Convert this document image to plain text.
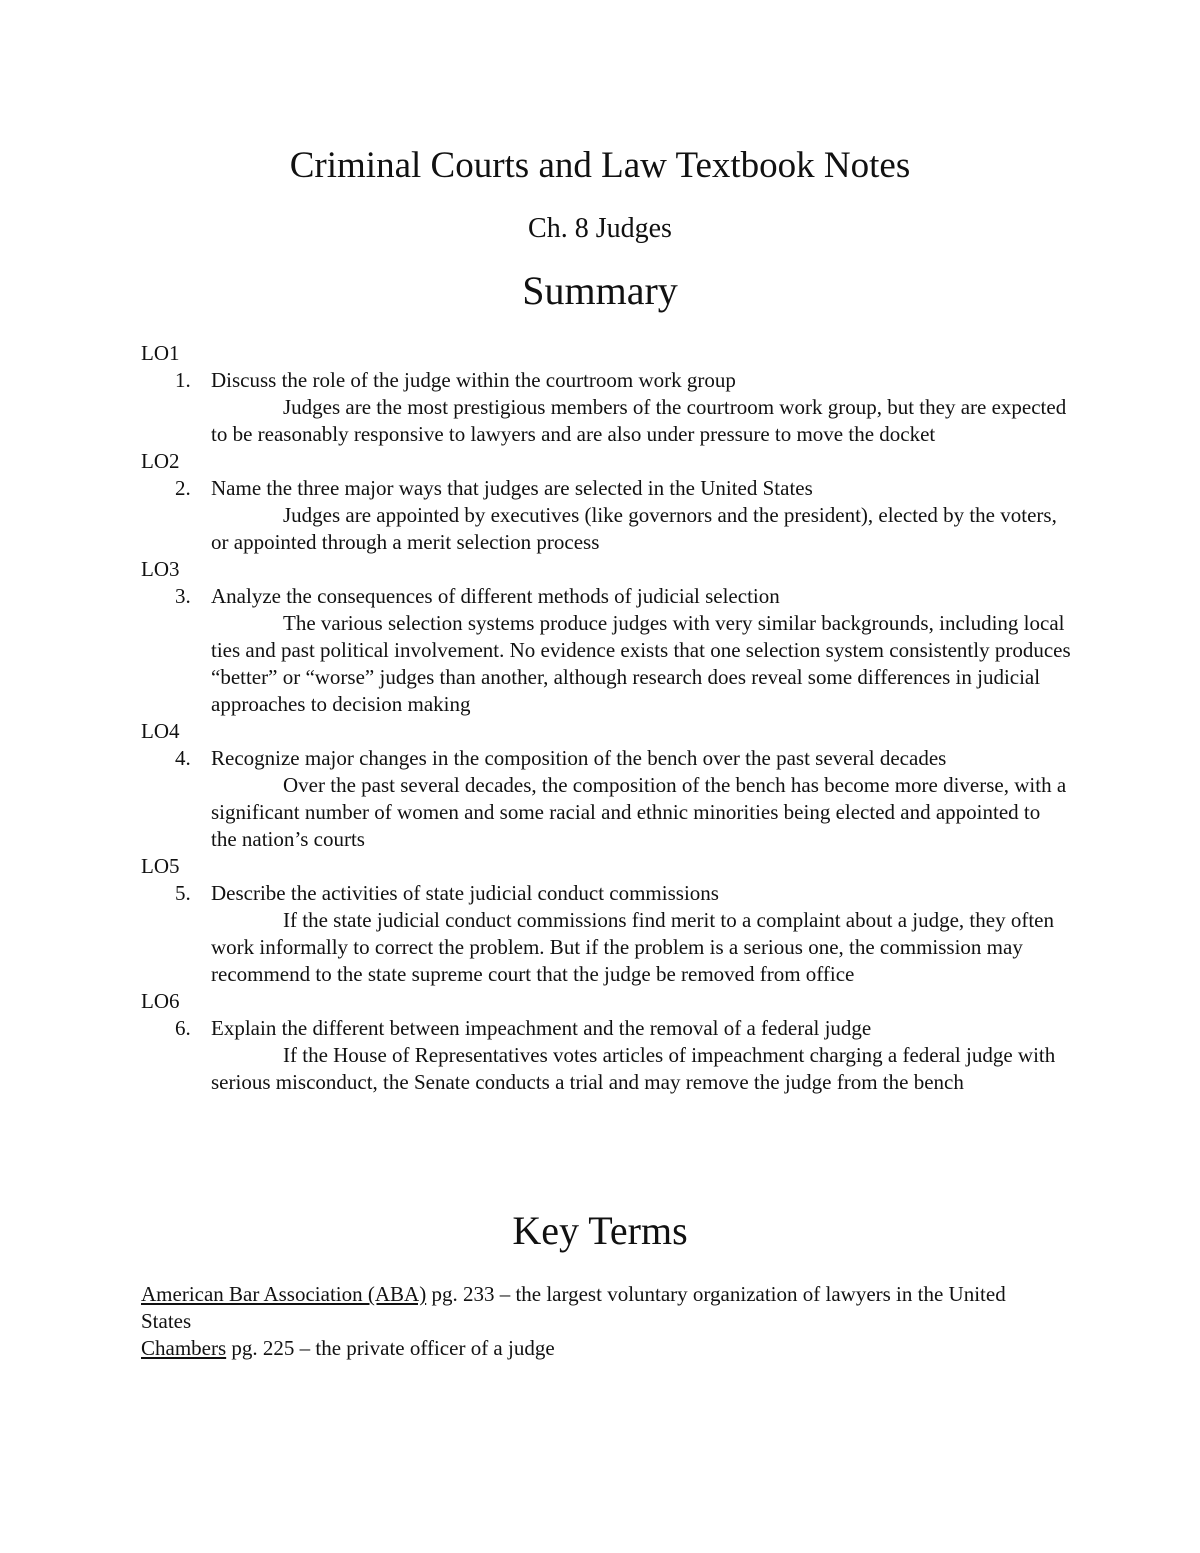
Criminal Courts and Law Textbook Notes
Ch. 8 Judges
Summary

LO1

1. Discuss the role of the judge within the courtroom work group

Judges are the most prestigious members of the courtroom work group, but they are expected to be reasonably responsive to lawyers and are also under pressure to move the docket

LO2

2. Name the three major ways that judges are selected in the United States

Judges are appointed by executives (like governors and the president), elected by the voters, or appointed through a merit selection process

LO3

3. Analyze the consequences of different methods of judicial selection

The various selection systems produce judges with very similar backgrounds, including local ties and past political involvement. No evidence exists that one selection system consistently produces “better” or “worse” judges than another, although research does reveal some differences in judicial approaches to decision making

LO4

4. Recognize major changes in the composition of the bench over the past several decades

Over the past several decades, the composition of the bench has become more diverse, with a significant number of women and some racial and ethnic minorities being elected and appointed to the nation’s courts

LO5

5. Describe the activities of state judicial conduct commissions

If the state judicial conduct commissions find merit to a complaint about a judge, they often work informally to correct the problem. But if the problem is a serious one, the commission may recommend to the state supreme court that the judge be removed from office

LO6

6. Explain the different between impeachment and the removal of a federal judge

If the House of Representatives votes articles of impeachment charging a federal judge with serious misconduct, the Senate conducts a trial and may remove the judge from the bench

Key Terms

American Bar Association (ABA) pg. 233 – the largest voluntary organization of lawyers in the United States

Chambers pg. 225 – the private officer of a judge
